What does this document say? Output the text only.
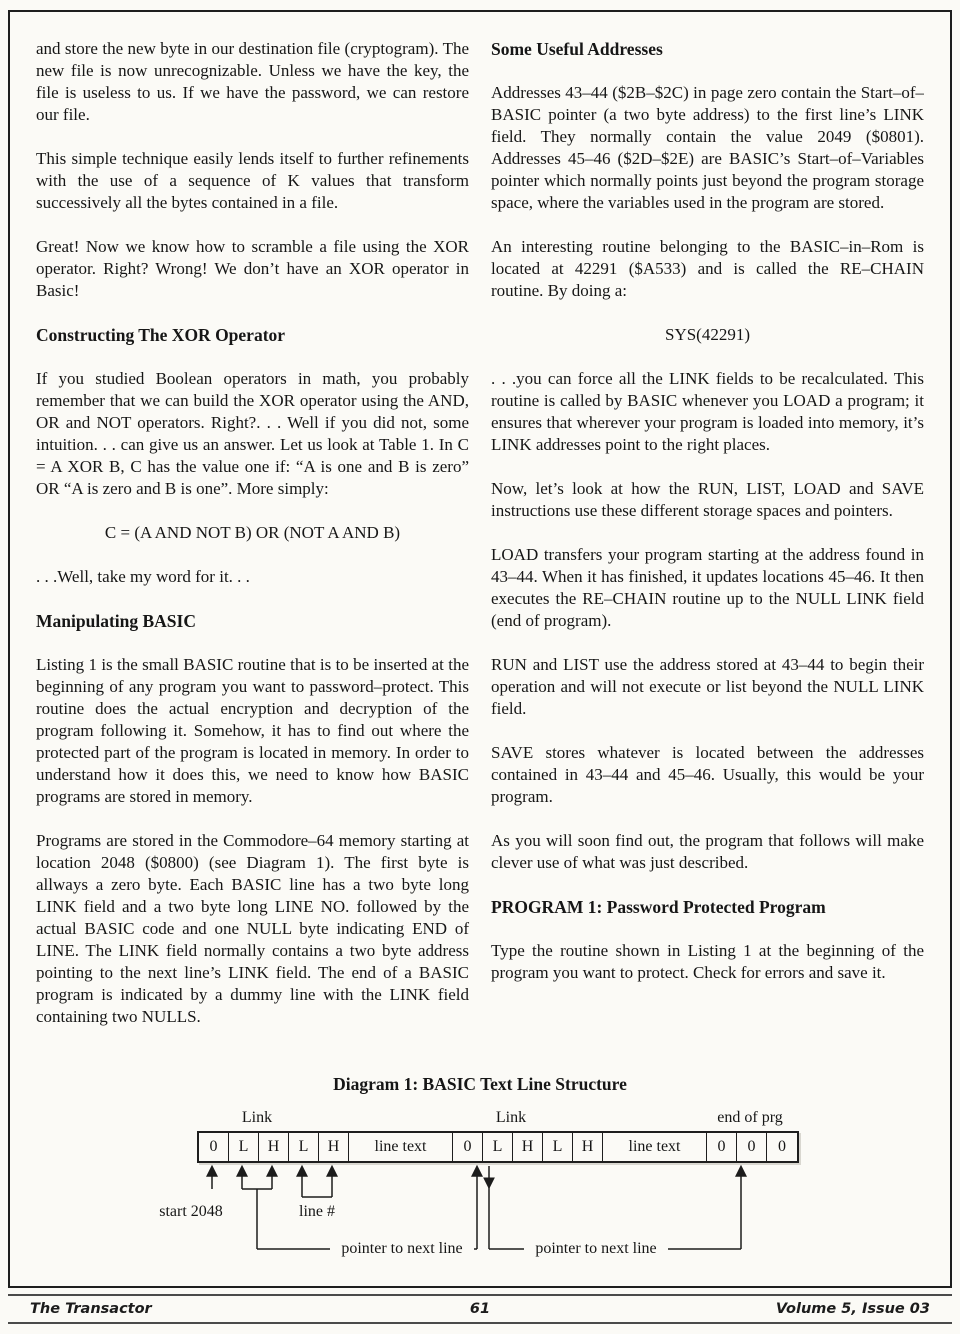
and store the new byte in our destination file (cryptogram). The new file is now unrecognizable. Unless we have the key, the file is useless to us. If we have the password, we can restore our file.

This simple technique easily lends itself to further refinements with the use of a sequence of K values that transform successively all the bytes contained in a file.

Great! Now we know how to scramble a file using the XOR operator. Right? Wrong! We don’t have an XOR operator in Basic!

Constructing The XOR Operator

If you studied Boolean operators in math, you probably remember that we can build the XOR operator using the AND, OR and NOT operators. Right?. . . Well if you did not, some intuition. . . can give us an answer. Let us look at Table 1. In C = A XOR B, C has the value one if: “A is one and B is zero” OR “A is zero and B is one”. More simply:

C = (A AND NOT B) OR (NOT A AND B)

. . .Well, take my word for it. . .

Manipulating BASIC

Listing 1 is the small BASIC routine that is to be inserted at the beginning of any program you want to password–protect. This routine does the actual encryption and decryption of the program following it. Somehow, it has to find out where the protected part of the program is located in memory. In order to understand how it does this, we need to know how BASIC programs are stored in memory.

Programs are stored in the Commodore–64 memory starting at location 2048 ($0800) (see Diagram 1). The first byte is allways a zero byte. Each BASIC line has a two byte long LINK field and a two byte long LINE NO. followed by the actual BASIC code and one NULL byte indicating END of LINE. The LINK field normally contains a two byte address pointing to the next line’s LINK field. The end of a BASIC program is indicated by a dummy line with the LINK field containing two NULLS.

Some Useful Addresses

Addresses 43–44 ($2B–$2C) in page zero contain the Start–of–BASIC pointer (a two byte address) to the first line’s LINK field. They normally contain the value 2049 ($0801). Addresses 45–46 ($2D–$2E) are BASIC’s Start–of–Variables pointer which normally points just beyond the program storage space, where the variables used in the program are stored.

An interesting routine belonging to the BASIC–in–Rom is located at 42291 ($A533) and is called the RE–CHAIN routine. By doing a:

SYS(42291)

. . .you can force all the LINK fields to be recalculated. This routine is called by BASIC whenever you LOAD a program; it ensures that wherever your program is loaded into memory, it’s LINK addresses point to the right places.

Now, let’s look at how the RUN, LIST, LOAD and SAVE instructions use these different storage spaces and pointers.

LOAD transfers your program starting at the address found in 43–44. When it has finished, it updates locations 45–46. It then executes the RE–CHAIN routine up to the NULL LINK field (end of program).

RUN and LIST use the address stored at 43–44 to begin their operation and will not execute or list beyond the NULL LINK field.

SAVE stores whatever is located between the addresses contained in 43–44 and 45–46. Usually, this would be your program.

As you will soon find out, the program that follows will make clever use of what was just described.

PROGRAM 1: Password Protected Program

Type the routine shown in Listing 1 at the beginning of the program you want to protect. Check for errors and save it.

Diagram 1: BASIC Text Line Structure
Link	Link	end of prg
0	L	H	L	H	line text	0	L	H	L	H	line text	0	0	0
start 2048	line #
pointer to next line	pointer to next line
The Transactor	61	Volume 5, Issue 03
